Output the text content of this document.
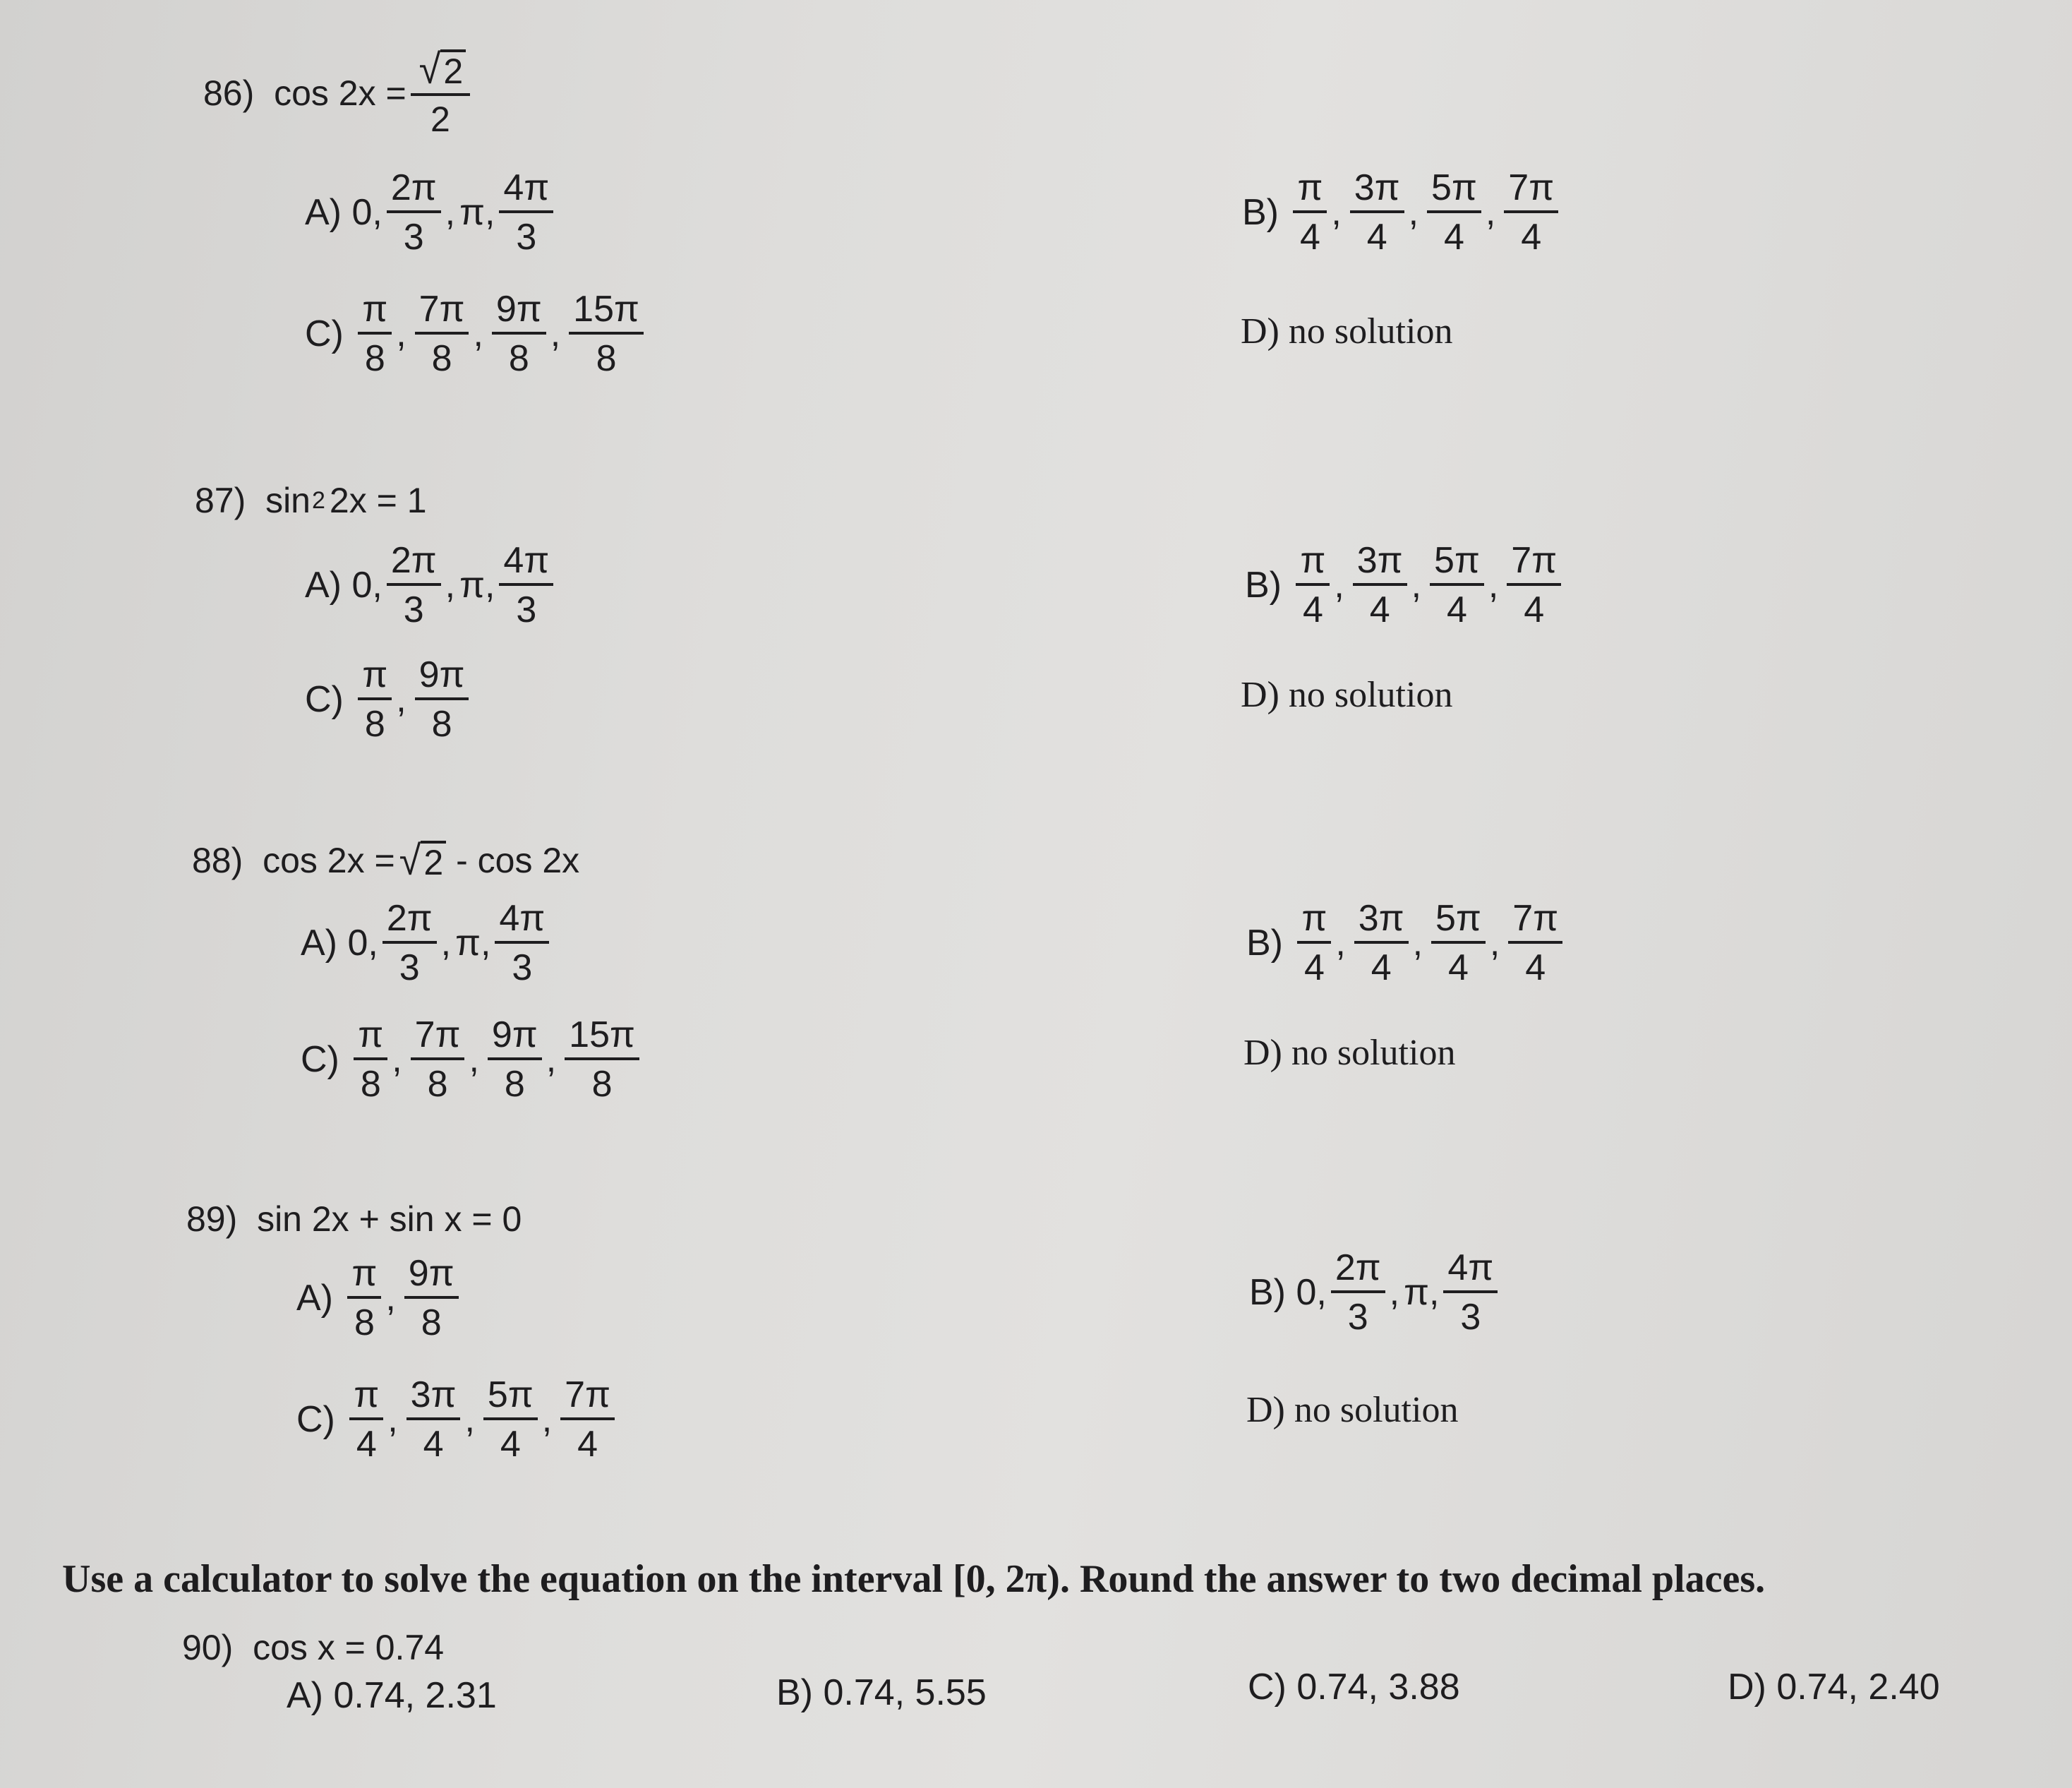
86)
$\cos 2x = \frac{√ 2}{2}$
A)
0, $\frac{2\pi}{3}$ , π, $\frac{4\pi}{3}$	B)
$\frac{\pi}{4}$ , $\frac{3\pi}{4}$ , $\frac{5\pi}{4}$ , $\frac{7\pi}{4}$
C)
$\frac{\pi}{8}$ , $\frac{7\pi}{8}$ , $\frac{9\pi}{8}$ , $\frac{15\pi}{8}$	D)
no solution
87)
sin 2 2x = 1
A)
0, $\frac{2\pi}{3}$ , π, $\frac{4\pi}{3}$	B)
$\frac{\pi}{4}$ , $\frac{3\pi}{4}$ , $\frac{5\pi}{4}$ , $\frac{7\pi}{4}$
C)
$\frac{\pi}{8}$ , $\frac{9\pi}{8}$	D)
no solution
88)
cos 2x = √ 2
- cos 2x
A)
0, $\frac{2\pi}{3}$ , π, $\frac{4\pi}{3}$	B)
$\frac{\pi}{4}$ , $\frac{3\pi}{4}$ , $\frac{5\pi}{4}$ , $\frac{7\pi}{4}$
C)
$\frac{\pi}{8}$ , $\frac{7\pi}{8}$ , $\frac{9\pi}{8}$ , $\frac{15\pi}{8}$	D)
no solution
89)
sin 2x + sin x = 0
A)
$\frac{\pi}{8}$ , $\frac{9\pi}{8}$	B)
0, $\frac{2\pi}{3}$ , π, $\frac{4\pi}{3}$
C)
$\frac{\pi}{4}$ , $\frac{3\pi}{4}$ , $\frac{5\pi}{4}$ , $\frac{7\pi}{4}$	D)
no solution
Use a calculator to solve the equation on the interval [0, 2π). Round the answer to two decimal places.
90)
cos x = 0.74
A) 0.74, 2.31	B) 0.74, 5.55	C) 0.74, 3.88	D) 0.74, 2.40
